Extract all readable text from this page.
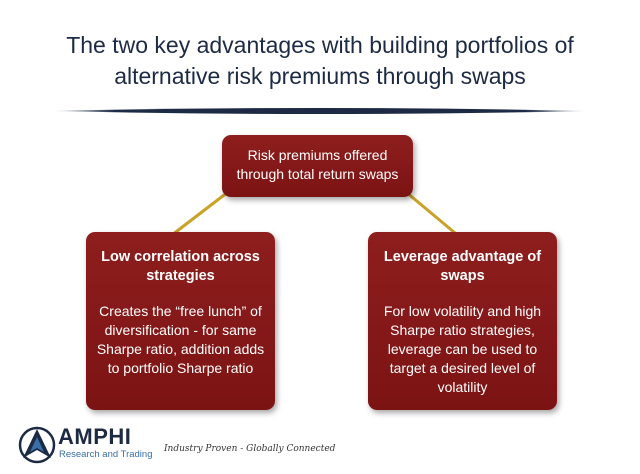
The two key advantages with building portfolios of alternative risk premiums through swaps
Risk premiums offered through total return swaps
Low correlation across strategies
Creates the “free lunch” of diversification - for same Sharpe ratio, addition adds to portfolio Sharpe ratio
Leverage advantage of swaps
For low volatility and high Sharpe ratio strategies, leverage can be used to target a desired level of volatility
AMPHI
Research and Trading Industry Proven - Globally Connected
